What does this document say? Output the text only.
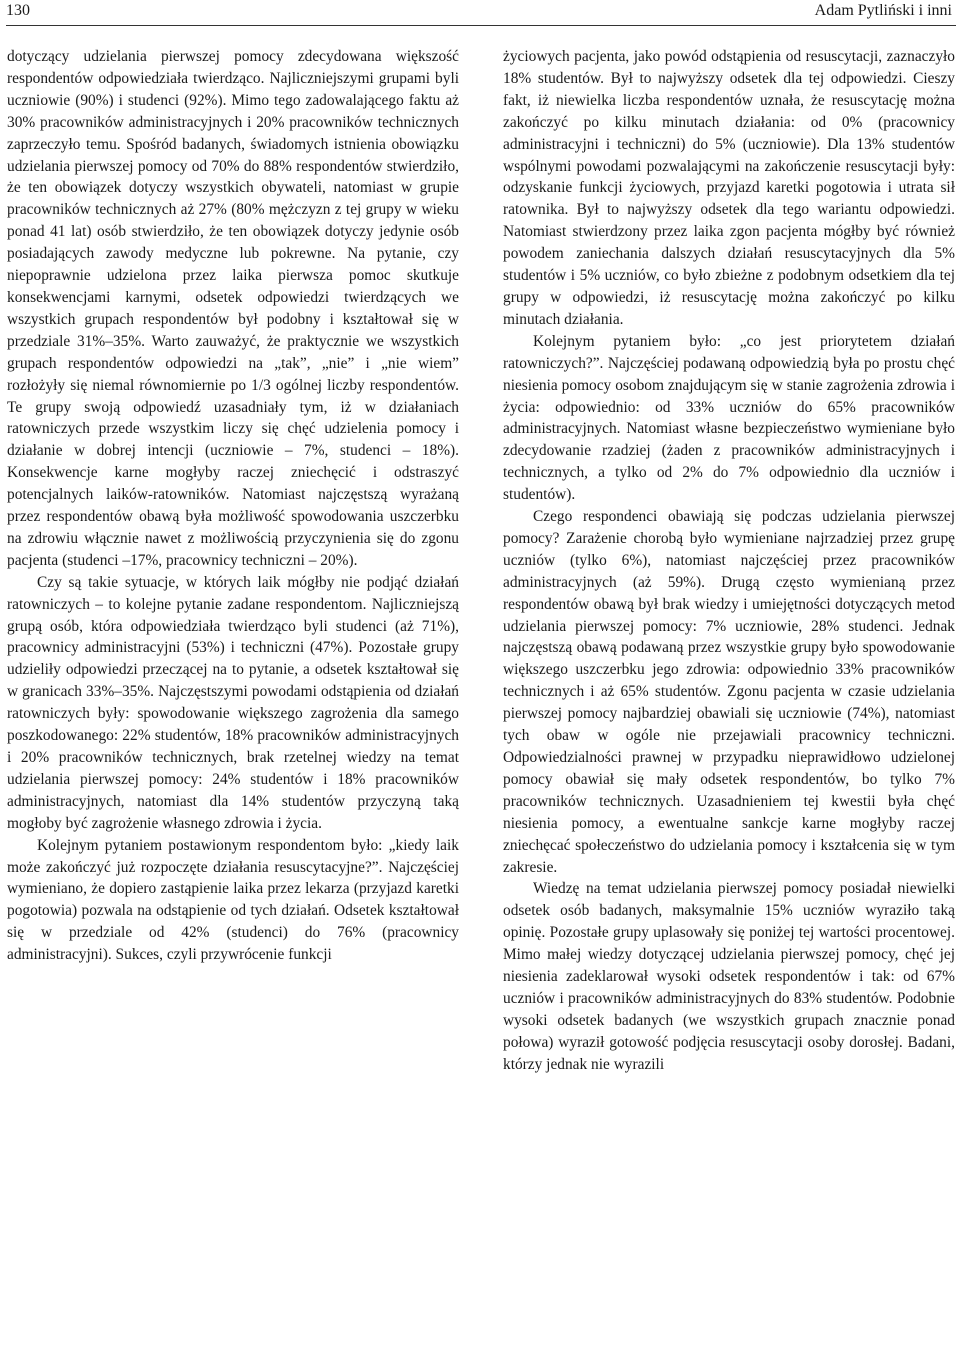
130	Adam Pytliński i inni

dotyczący udzielania pierwszej pomocy zdecydowana większość respondentów odpowiedziała twierdząco. Najliczniejszymi grupami byli uczniowie (90%) i studenci (92%). Mimo tego zadowalającego faktu aż 30% pracowników administracyjnych i 20% pracowników technicznych zaprzeczyło temu. Spośród badanych, świadomych istnienia obowiązku udzielania pierwszej pomocy od 70% do 88% respondentów stwierdziło, że ten obowiązek dotyczy wszystkich obywateli, natomiast w grupie pracowników technicznych aż 27% (80% mężczyzn z tej grupy w wieku ponad 41 lat) osób stwierdziło, że ten obowiązek dotyczy jedynie osób posiadających zawody medyczne lub pokrewne. Na pytanie, czy niepoprawnie udzielona przez laika pierwsza pomoc skutkuje konsekwencjami karnymi, odsetek odpowiedzi twierdzących we wszystkich grupach respondentów był podobny i kształtował się w przedziale 31%–35%. Warto zauważyć, że praktycznie we wszystkich grupach respondentów odpowiedzi na „tak”, „nie” i „nie wiem” rozłożyły się niemal równomiernie po 1/3 ogólnej liczby respondentów. Te grupy swoją odpowiedź uzasadniały tym, iż w działaniach ratowniczych przede wszystkim liczy się chęć udzielenia pomocy i działanie w dobrej intencji (uczniowie – 7%, studenci – 18%). Konsekwencje karne mogłyby raczej zniechęcić i odstraszyć potencjalnych laików-ratowników. Natomiast najczęstszą wyrażaną przez respondentów obawą była możliwość spowodowania uszczerbku na zdrowiu włącznie nawet z możliwością przyczynienia się do zgonu pacjenta (studenci –17%, pracownicy techniczni – 20%).

Czy są takie sytuacje, w których laik mógłby nie podjąć działań ratowniczych – to kolejne pytanie zadane respondentom. Najliczniejszą grupą osób, która odpowiedziała twierdząco byli studenci (aż 71%), pracownicy administracyjni (53%) i techniczni (47%). Pozostałe grupy udzieliły odpowiedzi przeczącej na to pytanie, a odsetek kształtował się w granicach 33%–35%. Najczęstszymi powodami odstąpienia od działań ratowniczych były: spowodowanie większego zagrożenia dla samego poszkodowanego: 22% studentów, 18% pracowników administracyjnych i 20% pracowników technicznych, brak rzetelnej wiedzy na temat udzielania pierwszej pomocy: 24% studentów i 18% pracowników administracyjnych, natomiast dla 14% studentów przyczyną taką mogłoby być zagrożenie własnego zdrowia i życia.

Kolejnym pytaniem postawionym respondentom było: „kiedy laik może zakończyć już rozpoczęte działania resuscytacyjne?”. Najczęściej wymieniano, że dopiero zastąpienie laika przez lekarza (przyjazd karetki pogotowia) pozwala na odstąpienie od tych działań. Odsetek kształtował się w przedziale od 42% (studenci) do 76% (pracownicy administracyjni). Sukces, czyli przywrócenie funkcji

życiowych pacjenta, jako powód odstąpienia od resuscytacji, zaznaczyło 18% studentów. Był to najwyższy odsetek dla tej odpowiedzi. Cieszy fakt, iż niewielka liczba respondentów uznała, że resuscytację można zakończyć po kilku minutach działania: od 0% (pracownicy administracyjni i techniczni) do 5% (uczniowie). Dla 13% studentów wspólnymi powodami pozwalającymi na zakończenie resuscytacji były: odzyskanie funkcji życiowych, przyjazd karetki pogotowia i utrata sił ratownika. Był to najwyższy odsetek dla tego wariantu odpowiedzi. Natomiast stwierdzony przez laika zgon pacjenta mógłby być również powodem zaniechania dalszych działań resuscytacyjnych dla 5% studentów i 5% uczniów, co było zbieżne z podobnym odsetkiem dla tej grupy w odpowiedzi, iż resuscytację można zakończyć po kilku minutach działania.

Kolejnym pytaniem było: „co jest priorytetem działań ratowniczych?”. Najczęściej podawaną odpowiedzią była po prostu chęć niesienia pomocy osobom znajdującym się w stanie zagrożenia zdrowia i życia: odpowiednio: od 33% uczniów do 65% pracowników administracyjnych. Natomiast własne bezpieczeństwo wymieniane było zdecydowanie rzadziej (żaden z pracowników administracyjnych i technicznych, a tylko od 2% do 7% odpowiednio dla uczniów i studentów).

Czego respondenci obawiają się podczas udzielania pierwszej pomocy? Zarażenie chorobą było wymieniane najrzadziej przez grupę uczniów (tylko 6%), natomiast najczęściej przez pracowników administracyjnych (aż 59%). Drugą często wymienianą przez respondentów obawą był brak wiedzy i umiejętności dotyczących metod udzielania pierwszej pomocy: 7% uczniowie, 28% studenci. Jednak najczęstszą obawą podawaną przez wszystkie grupy było spowodowanie większego uszczerbku jego zdrowia: odpowiednio 33% pracowników technicznych i aż 65% studentów. Zgonu pacjenta w czasie udzielania pierwszej pomocy najbardziej obawiali się uczniowie (74%), natomiast tych obaw w ogóle nie przejawiali pracownicy techniczni. Odpowiedzialności prawnej w przypadku nieprawidłowo udzielonej pomocy obawiał się mały odsetek respondentów, bo tylko 7% pracowników technicznych. Uzasadnieniem tej kwestii była chęć niesienia pomocy, a ewentualne sankcje karne mogłyby raczej zniechęcać społeczeństwo do udzielania pomocy i kształcenia się w tym zakresie.

Wiedzę na temat udzielania pierwszej pomocy posiadał niewielki odsetek osób badanych, maksymalnie 15% uczniów wyraziło taką opinię. Pozostałe grupy uplasowały się poniżej tej wartości procentowej. Mimo małej wiedzy dotyczącej udzielania pierwszej pomocy, chęć jej niesienia zadeklarował wysoki odsetek respondentów i tak: od 67% uczniów i pracowników administracyjnych do 83% studentów. Podobnie wysoki odsetek badanych (we wszystkich grupach znacznie ponad połowa) wyraził gotowość podjęcia resuscytacji osoby dorosłej. Badani, którzy jednak nie wyrazili
